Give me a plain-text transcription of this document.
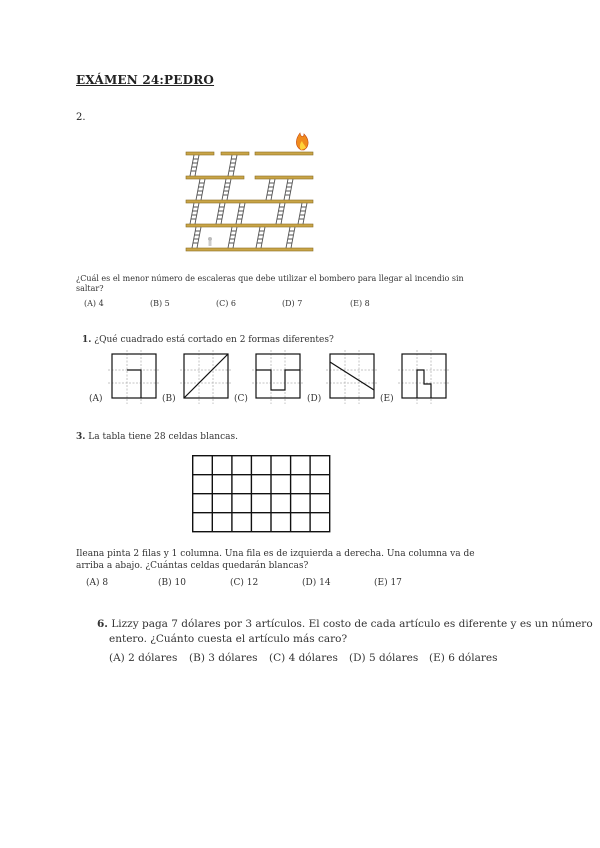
EXÁMEN 24:PEDRO
2.
¿Cuál es el menor número de escaleras que debe utilizar el bombero para llegar al incendio sin
saltar?
(A) 4	(B) 5	(C) 6	(D) 7	(E) 8
1. ¿Qué cuadrado está cortado en 2 formas diferentes?
(A)	(B)	(C)	(D)	(E)
3. La tabla tiene 28 celdas blancas.
Ileana pinta 2 filas y 1 columna. Una fila es de izquierda a derecha. Una columna va de
arriba a abajo. ¿Cuántas celdas quedarán blancas?
(A) 8	(B) 10	(C) 12	(D) 14	(E) 17
6. Lizzy paga 7 dólares por 3 artículos. El costo de cada artículo es diferente y es un número
entero. ¿Cuánto cuesta el artículo más caro?
(A) 2 dólares	(B) 3 dólares	(C) 4 dólares	(D) 5 dólares	(E) 6 dólares
